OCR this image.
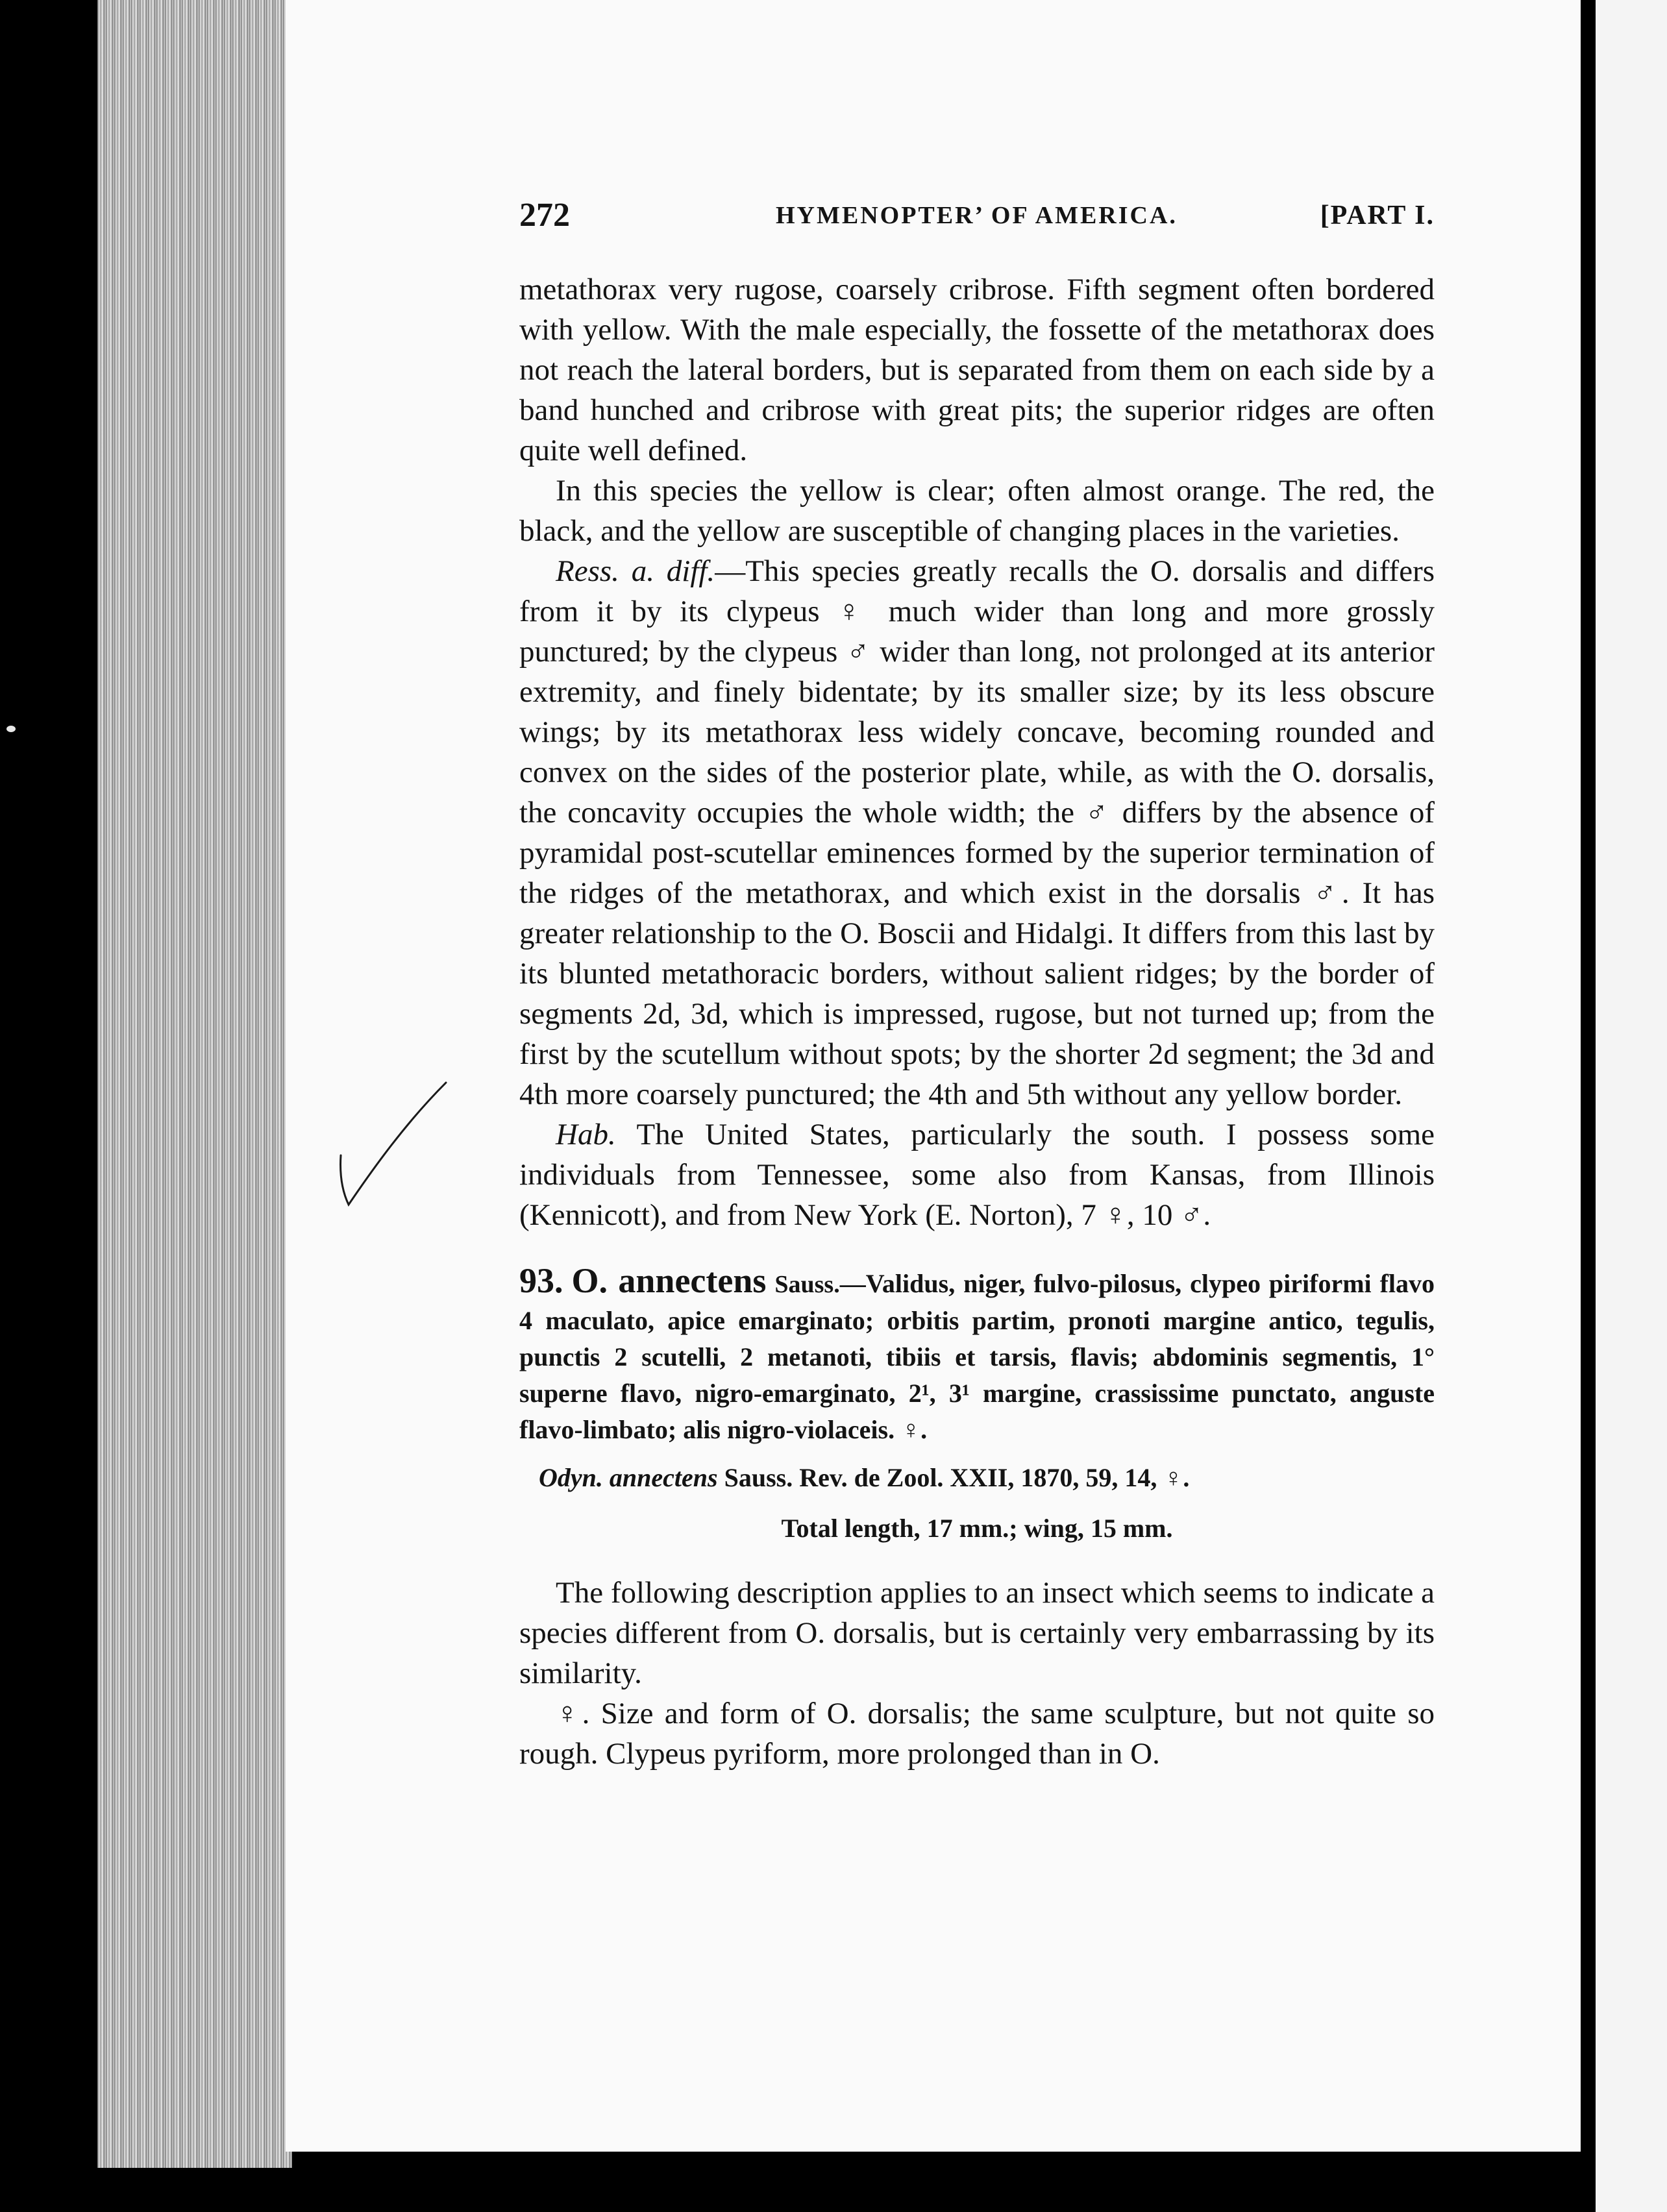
272	HYMENOPTER’ OF AMERICA.	[PART I.

metathorax very rugose, coarsely cribrose. Fifth segment often bordered with yellow. With the male especially, the fossette of the metathorax does not reach the lateral borders, but is separated from them on each side by a band hunched and cribrose with great pits; the superior ridges are often quite well defined.

In this species the yellow is clear; often almost orange. The red, the black, and the yellow are susceptible of changing places in the varieties.

Ress. a. diff.—This species greatly recalls the O. dorsalis and differs from it by its clypeus ♀ much wider than long and more grossly punctured; by the clypeus ♂ wider than long, not prolonged at its anterior extremity, and finely bidentate; by its smaller size; by its less obscure wings; by its metathorax less widely concave, becoming rounded and convex on the sides of the posterior plate, while, as with the O. dorsalis, the concavity occupies the whole width; the ♂ differs by the absence of pyramidal post-scutellar eminences formed by the superior termination of the ridges of the metathorax, and which exist in the dorsalis ♂. It has greater relationship to the O. Boscii and Hidalgi. It differs from this last by its blunted metathoracic borders, without salient ridges; by the border of segments 2d, 3d, which is impressed, rugose, but not turned up; from the first by the scutellum without spots; by the shorter 2d segment; the 3d and 4th more coarsely punctured; the 4th and 5th without any yellow border.

Hab. The United States, particularly the south. I possess some individuals from Tennessee, some also from Kansas, from Illinois (Kennicott), and from New York (E. Norton), 7 ♀, 10 ♂.

93. O. annectens Sauss.—Validus, niger, fulvo-pilosus, clypeo piriformi flavo 4 maculato, apice emarginato; orbitis partim, pronoti margine antico, tegulis, punctis 2 scutelli, 2 metanoti, tibiis et tarsis, flavis; abdominis segmentis, 1° superne flavo, nigro-emarginato, 2¹, 3¹ margine, crassissime punctato, anguste flavo-limbato; alis nigro-violaceis. ♀.

Odyn. annectens Sauss. Rev. de Zool. XXII, 1870, 59, 14, ♀.

Total length, 17 mm.; wing, 15 mm.

The following description applies to an insect which seems to indicate a species different from O. dorsalis, but is certainly very embarrassing by its similarity.

♀. Size and form of O. dorsalis; the same sculpture, but not quite so rough. Clypeus pyriform, more prolonged than in O.
